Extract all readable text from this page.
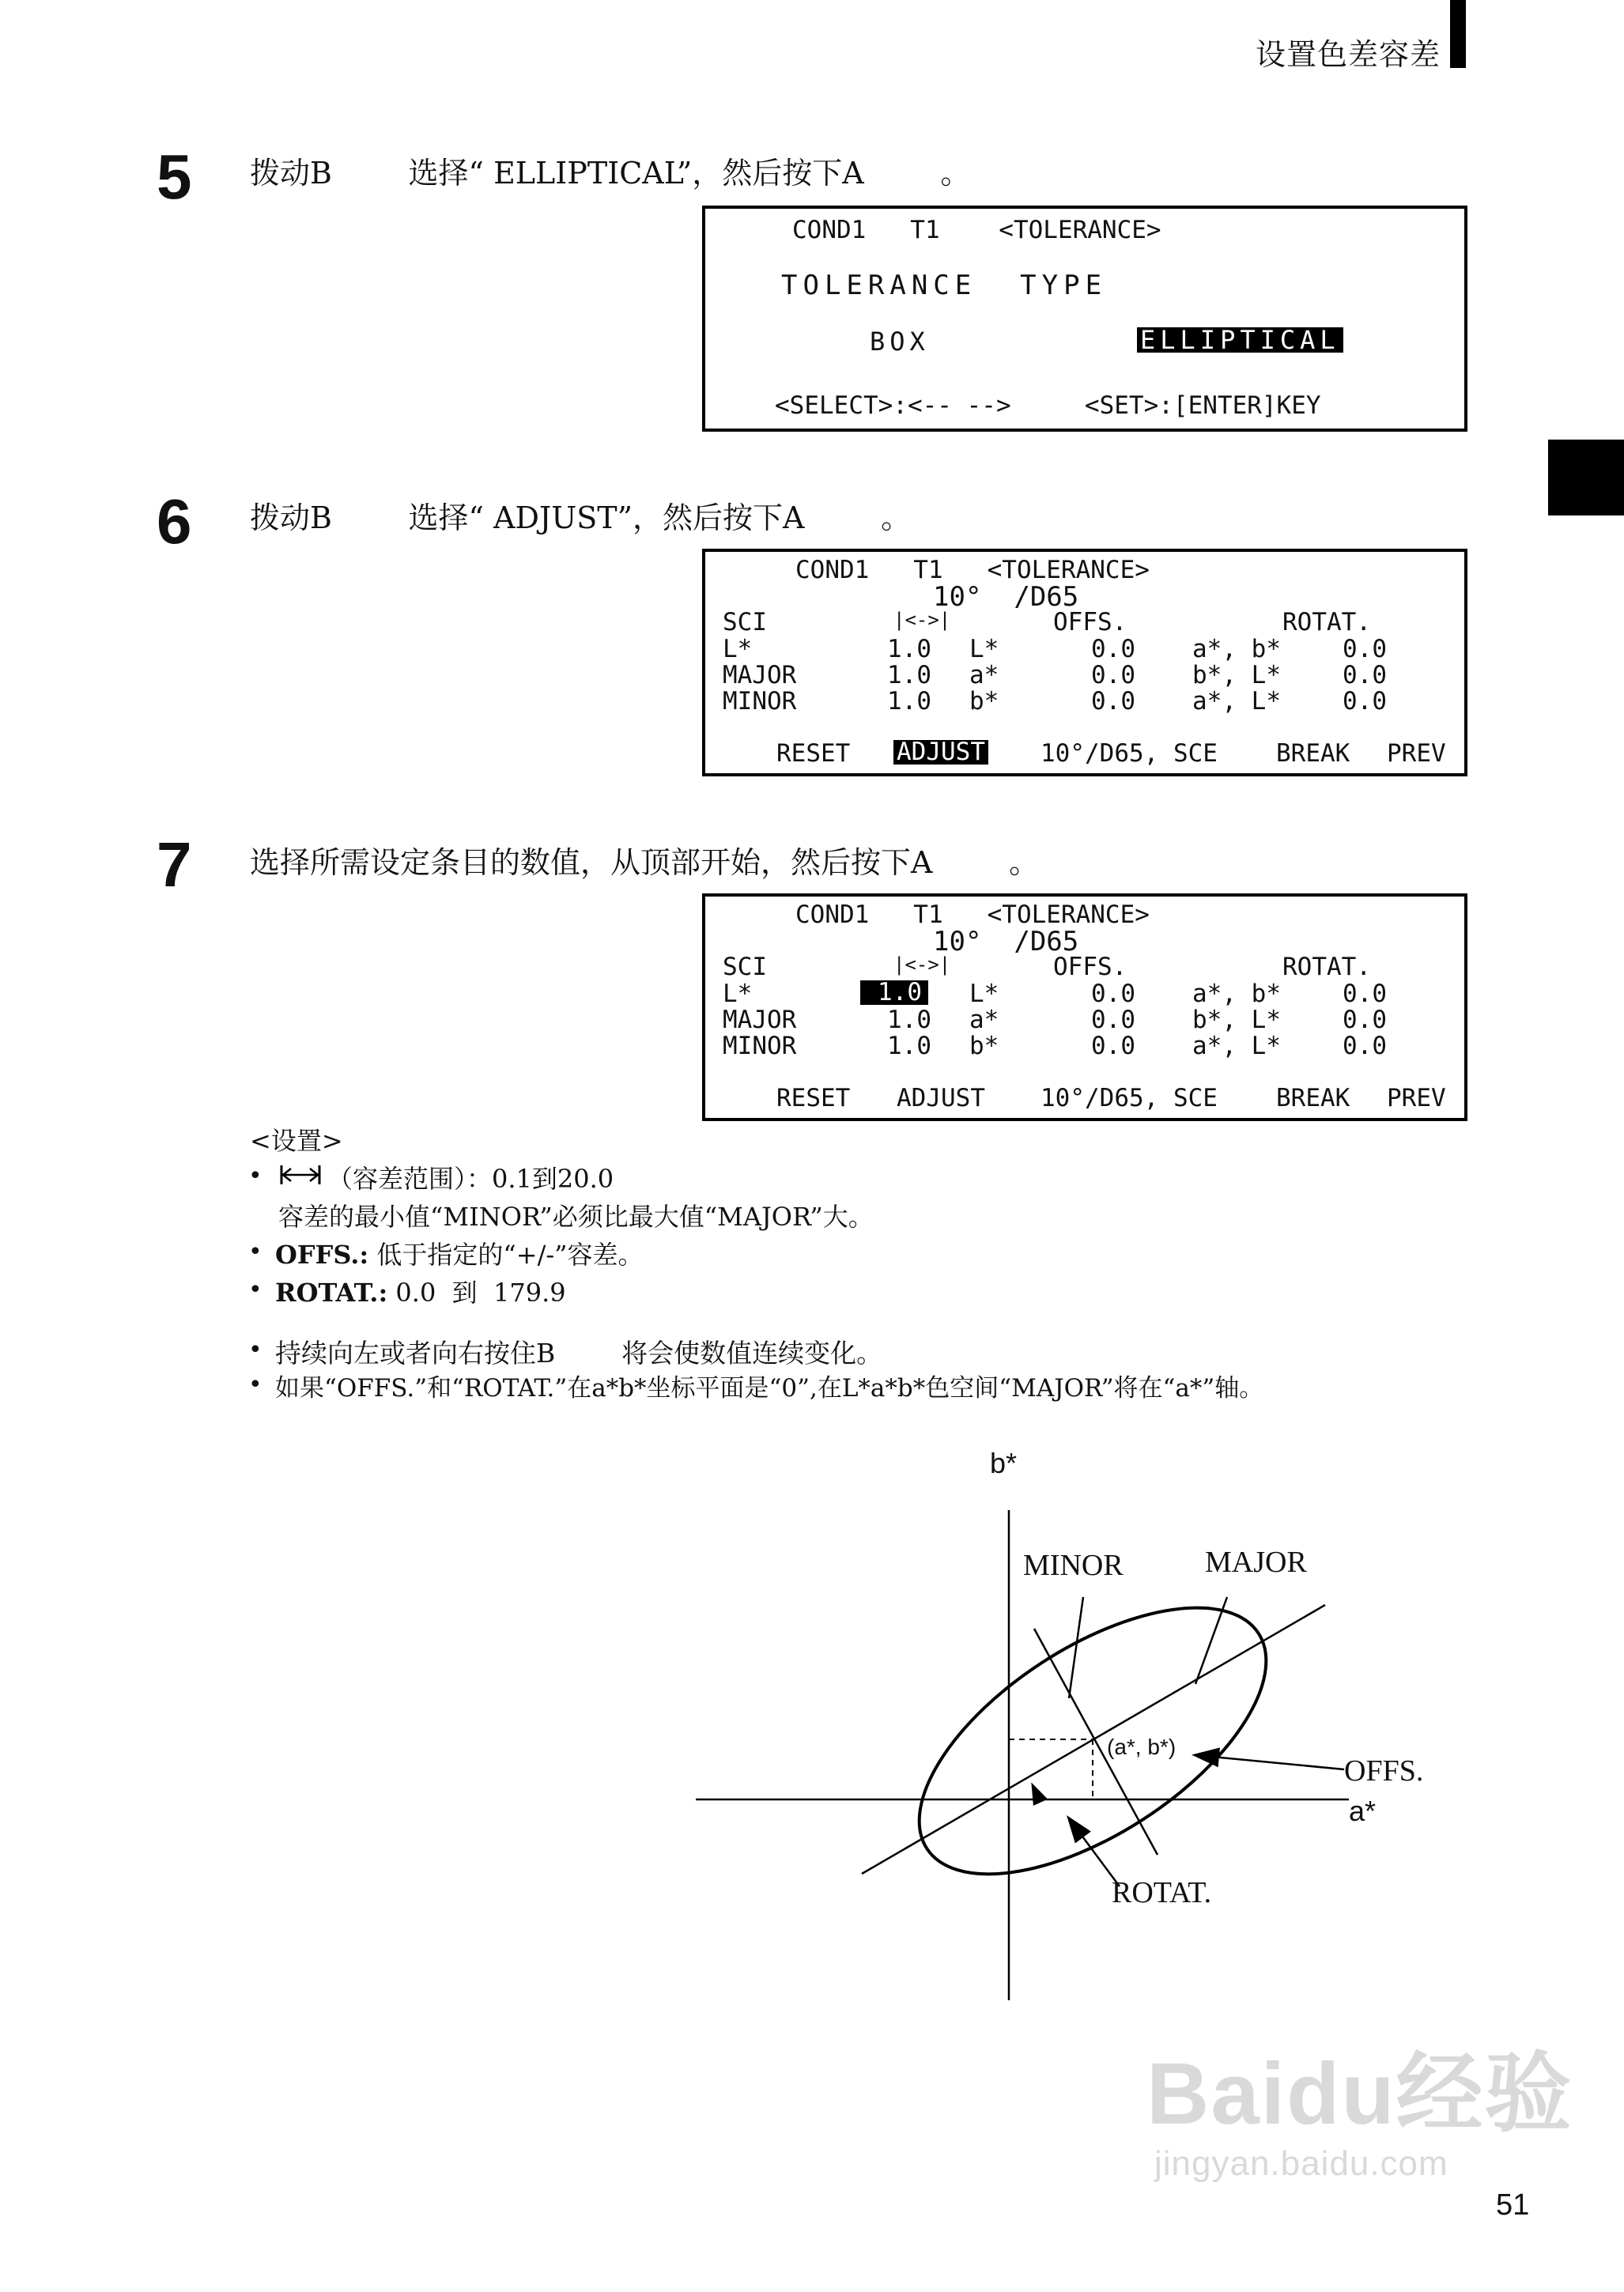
设置色差容差
5 拨动B        选择“ ELLIPTICAL”，然后按下A        。
COND1   T1    <TOLERANCE>
TOLERANCE  TYPE
BOX	ELLIPTICAL
<SELECT>:<-- -->     <SET>:[ENTER]KEY
6 拨动B        选择“ ADJUST”，然后按下A        。
COND1   T1   <TOLERANCE>
10°  /D65
SCI	|<->|	OFFS.	ROTAT.
L*	1.0 L*	0.0 a*, b*	0.0
MAJOR	1.0 a*	0.0 b*, L*	0.0
MINOR	1.0 b*	0.0 a*, L*	0.0
RESET ADJUST 10°/D65, SCE BREAK PREV
7 选择所需设定条目的数值，从顶部开始，然后按下A        。
COND1   T1   <TOLERANCE>
10°  /D65
SCI	|<->|	OFFS.	ROTAT.
L*	1.0 L*	0.0 a*, b*	0.0
MAJOR	1.0 a*	0.0 b*, L*	0.0
MINOR	1.0 b*	0.0 a*, L*	0.0
RESET ADJUST 10°/D65, SCE BREAK PREV
<设置>
•	（容差范围）：0.1到20.0
容差的最小值“MINOR”必须比最大值“MAJOR”大。
• OFFS.: 低于指定的“+/-”容差。
• ROTAT.: 0.0  到  179.9
• 持续向左或者向右按住B        将会使数值连续变化。
• 如果“OFFS.”和“ROTAT.”在a*b*坐标平面是“0”,在L*a*b*色空间“MAJOR”将在“a*”轴。
b*
a*
MINOR	MAJOR
(a*, b*)
OFFS.
ROTAT.
Baidu经验
jingyan.baidu.com
51
